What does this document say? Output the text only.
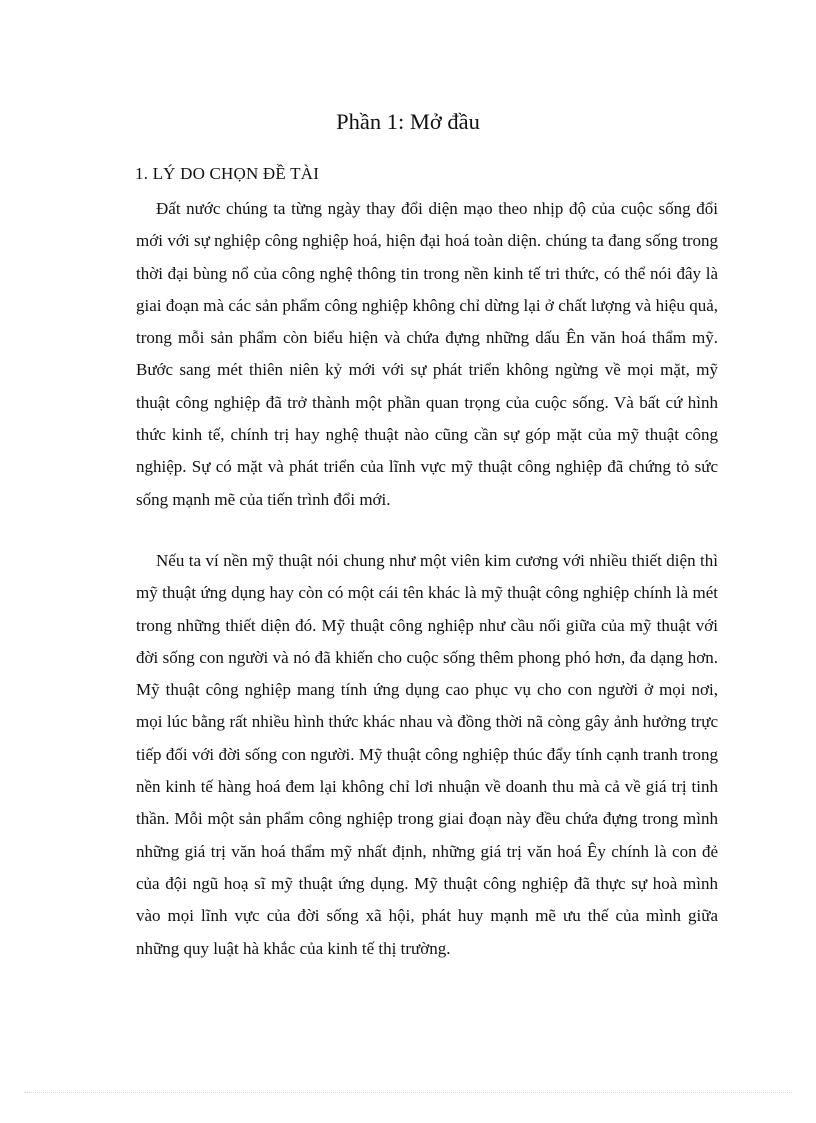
Phần 1: Mở đầu
1. LÝ DO CHỌN ĐỀ TÀI

Đất nước chúng ta từng ngày thay đổi diện mạo theo nhịp độ của cuộc sống đổi mới với sự nghiệp công nghiệp hoá, hiện đại hoá toàn diện. chúng ta đang sống trong thời đại bùng nổ của công nghệ thông tin trong nền kinh tế tri thức, có thể nói đây là giai đoạn mà các sản phẩm công nghiệp không chỉ dừng lại ở chất lượng và hiệu quả, trong mỗi sản phẩm còn biểu hiện và chứa đựng những dấu Ên văn hoá thẩm mỹ. Bước sang mét thiên niên kỷ mới với sự phát triển không ngừng về mọi mặt, mỹ thuật công nghiệp đã trở thành một phần quan trọng của cuộc sống. Và bất cứ hình thức kinh tế, chính trị hay nghệ thuật nào cũng cần sự góp mặt của mỹ thuật công nghiệp. Sự có mặt và phát triển của lĩnh vực mỹ thuật công nghiệp đã chứng tỏ sức sống mạnh mẽ của tiến trình đổi mới.

Nếu ta ví nền mỹ thuật nói chung như một viên kim cương với nhiều thiết diện thì mỹ thuật ứng dụng hay còn có một cái tên khác là mỹ thuật công nghiệp chính là mét trong những thiết diện đó. Mỹ thuật công nghiệp như cầu nối giữa của mỹ thuật với đời sống con người và nó đã khiến cho cuộc sống thêm phong phó hơn, đa dạng hơn. Mỹ thuật công nghiệp mang tính ứng dụng cao phục vụ cho con người ở mọi nơi, mọi lúc bằng rất nhiều hình thức khác nhau và đồng thời nã còng gây ảnh hưởng trực tiếp đối với đời sống con người. Mỹ thuật công nghiệp thúc đẩy tính cạnh tranh trong nền kinh tế hàng hoá đem lại không chỉ lơi nhuận về doanh thu mà cả về giá trị tinh thần. Mỗi một sản phẩm công nghiệp trong giai đoạn này đều chứa đựng trong mình những giá trị văn hoá thẩm mỹ nhất định, những giá trị văn hoá Êy chính là con đẻ của đội ngũ hoạ sĩ mỹ thuật ứng dụng. Mỹ thuật công nghiệp đã thực sự hoà mình vào mọi lĩnh vực của đời sống xã hội, phát huy mạnh mẽ ưu thế của mình giữa những quy luật hà khắc của kinh tế thị trường.
